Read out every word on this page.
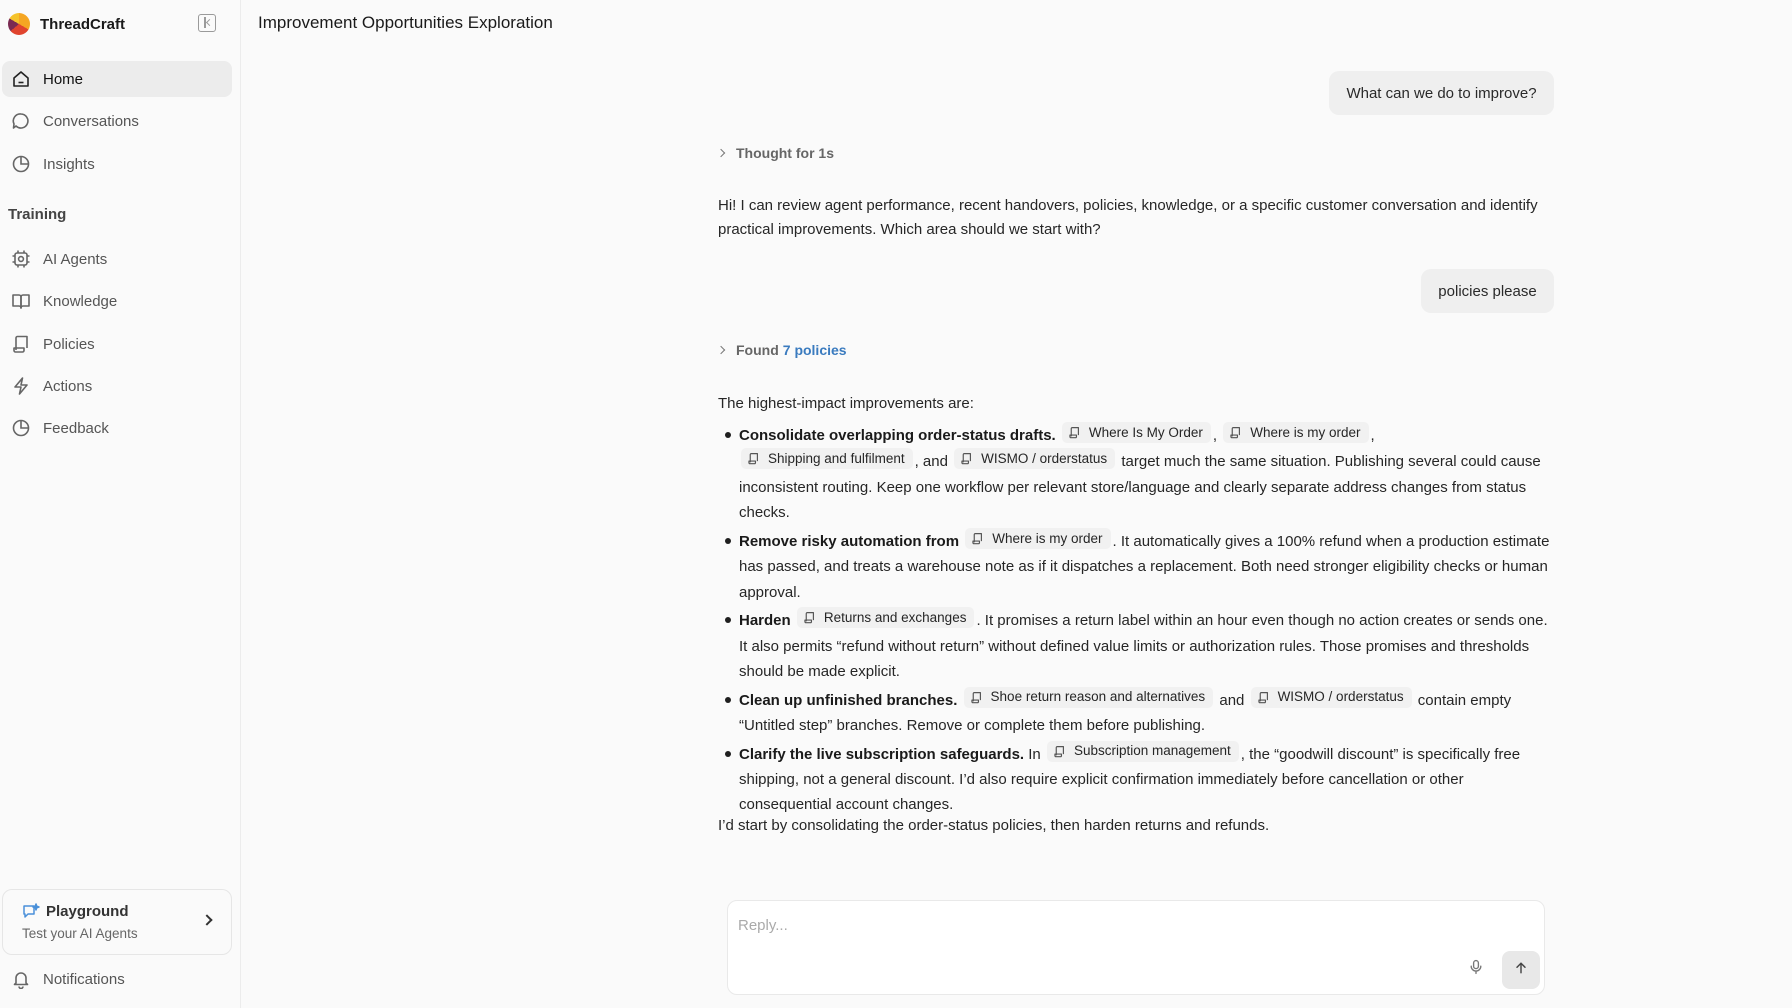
ThreadCraft
Home
Conversations
Insights
Training
AI Agents
Knowledge
Policies
Actions
Feedback
Playground
Test your AI Agents
Notifications
Improvement Opportunities Exploration
What can we do to improve?
Thought for 1s
Hi! I can review agent performance, recent handovers, policies, knowledge, or a specific customer conversation and identify practical improvements. Which area should we start with?
policies please
Found 7 policies
The highest-impact improvements are:
Consolidate overlapping order-status drafts. Where Is My Order , Where is my order ,

Shipping and fulfilment , and WISMO / orderstatus target much the same situation. Publishing several could cause inconsistent routing. Keep one workflow per relevant store/language and clearly separate address changes from status checks.
Remove risky automation from Where is my order . It automatically gives a 100% refund when a production estimate has passed, and treats a warehouse note as if it dispatches a replacement. Both need stronger eligibility checks or human approval.
Harden Returns and exchanges . It promises a return label within an hour even though no action creates or sends one. It also permits “refund without return” without defined value limits or authorization rules. Those promises and thresholds should be made explicit.
Clean up unfinished branches. Shoe return reason and alternatives and WISMO / orderstatus contain empty “Untitled step” branches. Remove or complete them before publishing.
Clarify the live subscription safeguards. In Subscription management , the “goodwill discount” is specifically free shipping, not a general discount. I’d also require explicit confirmation immediately before cancellation or other consequential account changes.
I’d start by consolidating the order-status policies, then harden returns and refunds.
Reply...
